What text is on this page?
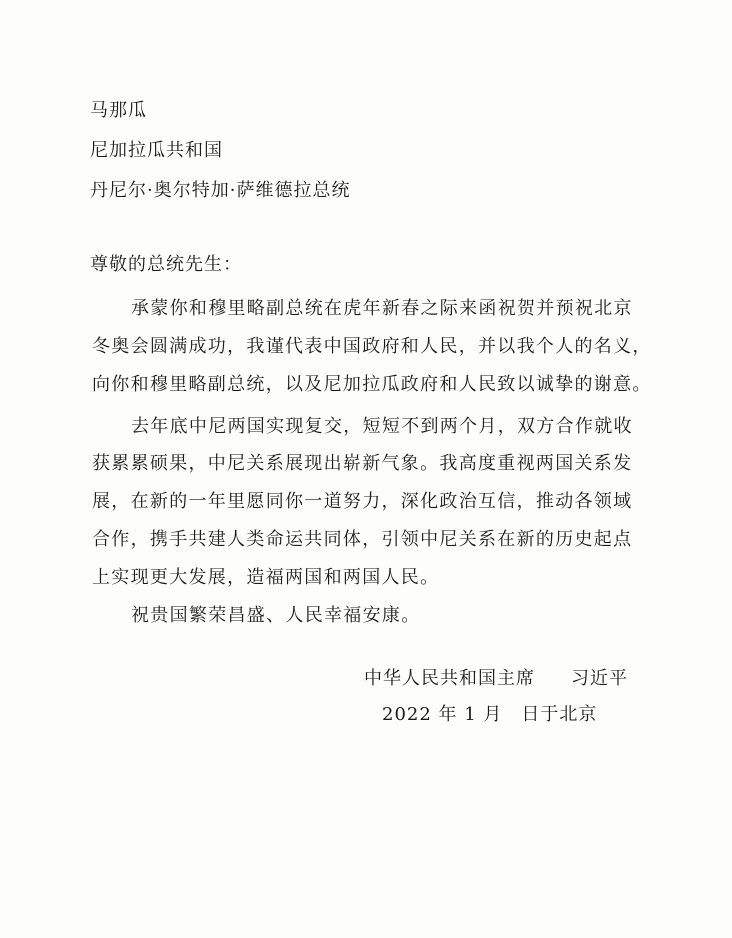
马那瓜
尼加拉瓜共和国
丹尼尔·奥尔特加·萨维德拉总统
尊敬的总统先生：
承蒙你和穆里略副总统在虎年新春之际来函祝贺并预祝北京
冬奥会圆满成功，我谨代表中国政府和人民，并以我个人的名义，
向你和穆里略副总统，以及尼加拉瓜政府和人民致以诚挚的谢意。
去年底中尼两国实现复交，短短不到两个月，双方合作就收
获累累硕果，中尼关系展现出崭新气象。我高度重视两国关系发
展，在新的一年里愿同你一道努力，深化政治互信，推动各领域
合作，携手共建人类命运共同体，引领中尼关系在新的历史起点
上实现更大发展，造福两国和两国人民。
祝贵国繁荣昌盛、人民幸福安康。
中华人民共和国主席 习近平
2022 年 1 月　日于北京
